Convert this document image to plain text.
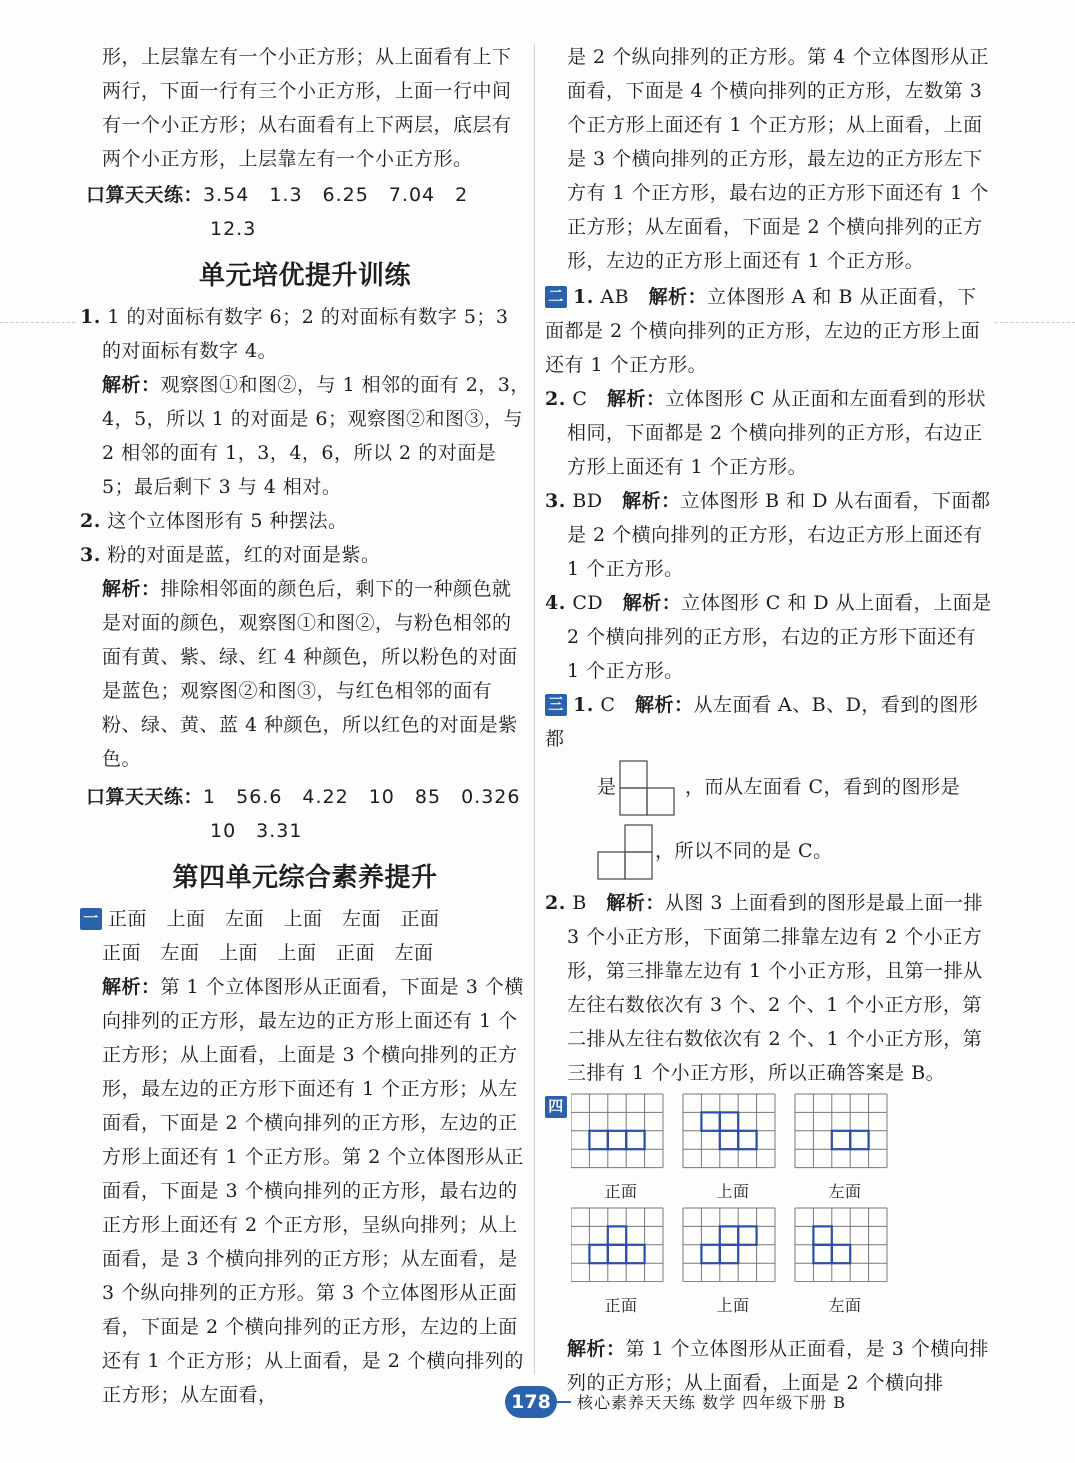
形，上层靠左有一个小正方形；从上面看有上下两行，下面一行有三个小正方形，上面一行中间有一个小正方形；从右面看有上下两层，底层有两个小正方形，上层靠左有一个小正方形。

口算天天练：3.54　1.3　6.25　7.04　2

12.3

单元培优提升训练

1. 1 的对面标有数字 6；2 的对面标有数字 5；3 的对面标有数字 4。

解析：观察图①和图②，与 1 相邻的面有 2，3，4，5，所以 1 的对面是 6；观察图②和图③，与 2 相邻的面有 1，3，4，6，所以 2 的对面是 5；最后剩下 3 与 4 相对。

2. 这个立体图形有 5 种摆法。

3. 粉的对面是蓝，红的对面是紫。

解析：排除相邻面的颜色后，剩下的一种颜色就是对面的颜色，观察图①和图②，与粉色相邻的面有黄、紫、绿、红 4 种颜色，所以粉色的对面是蓝色；观察图②和图③，与红色相邻的面有粉、绿、黄、蓝 4 种颜色，所以红色的对面是紫色。

口算天天练：1　56.6　4.22　10　85　0.326

10　3.31

第四单元综合素养提升

一 正面　上面　左面　上面　左面　正面

正面　左面　上面　上面　正面　左面

解析：第 1 个立体图形从正面看，下面是 3 个横向排列的正方形，最左边的正方形上面还有 1 个正方形；从上面看，上面是 3 个横向排列的正方形，最左边的正方形下面还有 1 个正方形；从左面看，下面是 2 个横向排列的正方形，左边的正方形上面还有 1 个正方形。第 2 个立体图形从正面看，下面是 3 个横向排列的正方形，最右边的正方形上面还有 2 个正方形，呈纵向排列；从上面看，是 3 个横向排列的正方形；从左面看，是 3 个纵向排列的正方形。第 3 个立体图形从正面看，下面是 2 个横向排列的正方形，左边的上面还有 1 个正方形；从上面看，是 2 个横向排列的正方形；从左面看，

是 2 个纵向排列的正方形。第 4 个立体图形从正面看，下面是 4 个横向排列的正方形，左数第 3 个正方形上面还有 1 个正方形；从上面看，上面是 3 个横向排列的正方形，最左边的正方形左下方有 1 个正方形，最右边的正方形下面还有 1 个正方形；从左面看，下面是 2 个横向排列的正方形，左边的正方形上面还有 1 个正方形。

二 1. AB　 解析：立体图形 A 和 B 从正面看，下面都是 2 个横向排列的正方形，左边的正方形上面还有 1 个正方形。

2. C　 解析：立体图形 C 从正面和左面看到的形状相同，下面都是 2 个横向排列的正方形，右边正方形上面还有 1 个正方形。

3. BD　 解析：立体图形 B 和 D 从右面看，下面都是 2 个横向排列的正方形，右边正方形上面还有 1 个正方形。

4. CD　 解析：立体图形 C 和 D 从上面看，上面是 2 个横向排列的正方形，右边的正方形下面还有 1 个正方形。

三 1. C　 解析：从左面看 A、B、D，看到的图形都

是	，而从左面看 C，看到的图形是
，所以不同的是 C。

2. B　 解析：从图 3 上面看到的图形是最上面一排 3 个小正方形，下面第二排靠左边有 2 个小正方形，第三排靠左边有 1 个小正方形，且第一排从左往右数依次有 3 个、2 个、1 个小正方形，第二排从左往右数依次有 2 个、1 个小正方形，第三排有 1 个小正方形，所以正确答案是 B。

四
正面	上面	左面
正面	上面	左面

解析：第 1 个立体图形从正面看，是 3 个横向排列的正方形；从上面看，上面是 2 个横向排

178	核心素养天天练 数学 四年级下册 B
